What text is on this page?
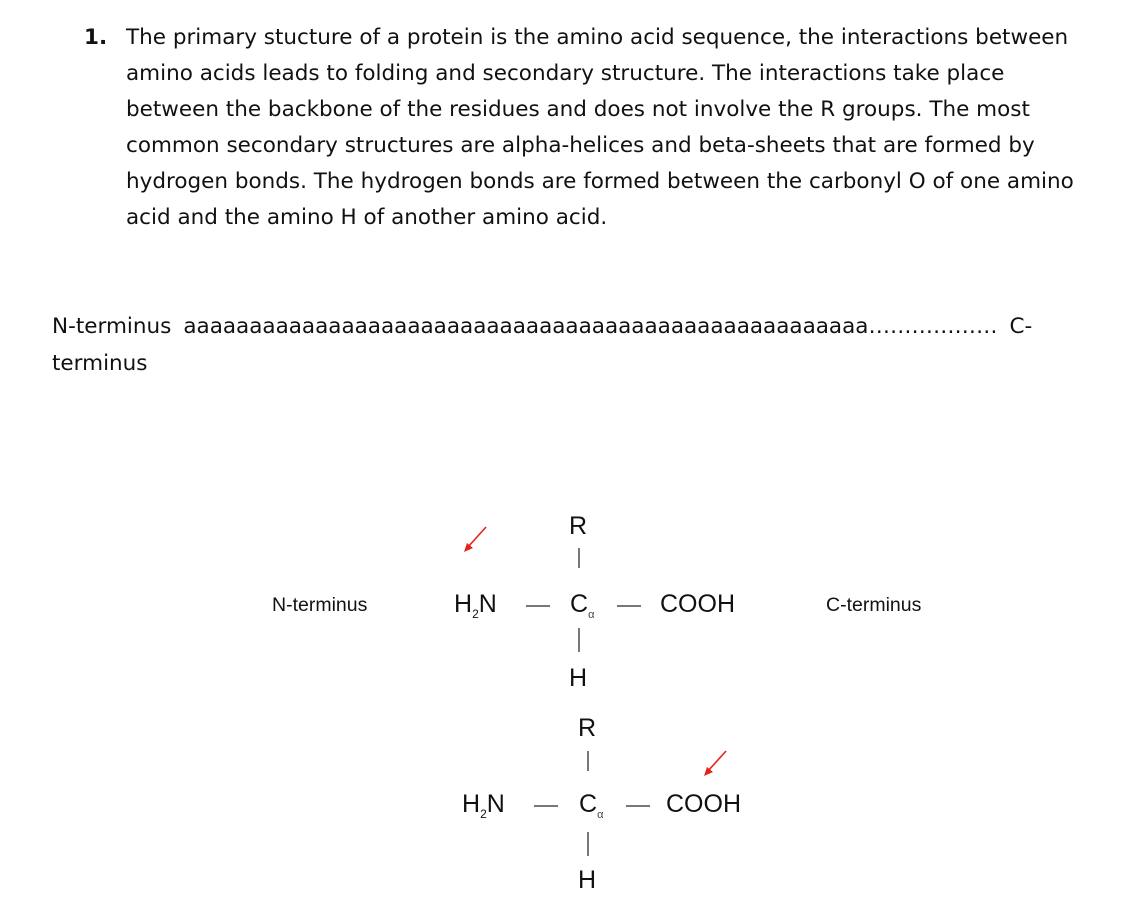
1. The primary stucture of a protein is the amino acid sequence, the interactions between amino acids leads to folding and secondary structure. The interactions take place between the backbone of the residues and does not involve the R groups. The most common secondary structures are alpha-helices and beta-sheets that are formed by hydrogen bonds. The hydrogen bonds are formed between the carbonyl O of one amino acid and the amino H of another amino acid.
N-terminus aaaaaaaaaaaaaaaaaaaaaaaaaaaaaaaaaaaaaaaaaaaaaaaaaaaa……………… C-terminus
N-terminus	C-terminus
R
$H_2N$	$C_\alpha$	COOH
H
R
$H_2N$	$C_\alpha$	COOH
H
